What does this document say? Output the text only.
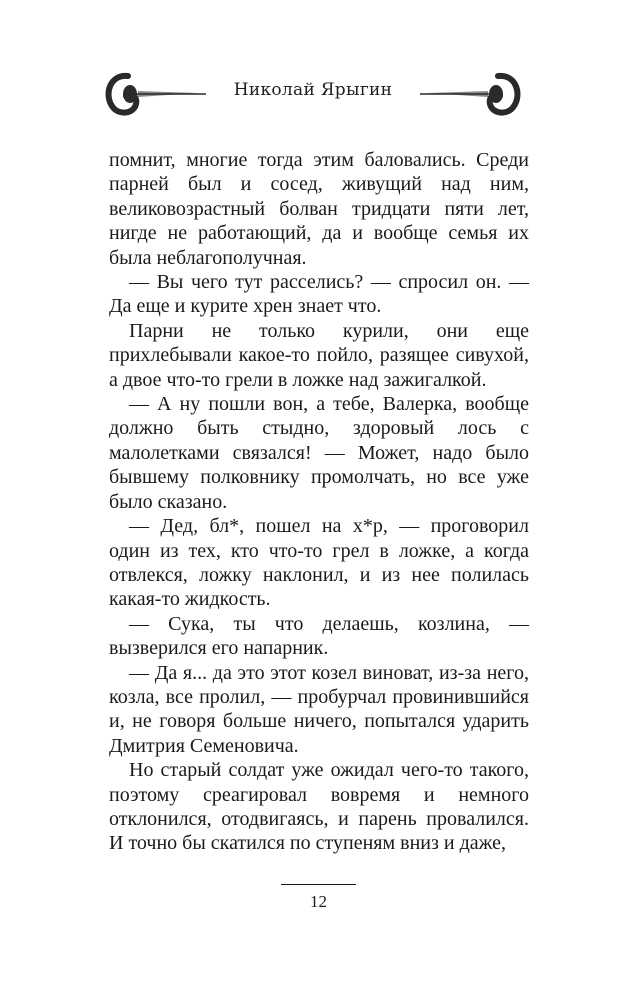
Николай Ярыгин

помнит, многие тогда этим баловались. Среди парней был и сосед, живущий над ним, великовозрастный болван тридцати пяти лет, нигде не работающий, да и вообще семья их была неблагополучная.

— Вы чего тут расселись? — спросил он. — Да еще и курите хрен знает что.

Парни не только курили, они еще прихлебывали какое-то пойло, разящее сивухой, а двое что-то грели в ложке над зажигалкой.

— А ну пошли вон, а тебе, Валерка, вообще должно быть стыдно, здоровый лось с малолетками связался! — Может, надо было бывшему полковнику промолчать, но все уже было сказано.

— Дед, бл*, пошел на х*р, — проговорил один из тех, кто что-то грел в ложке, а когда отвлекся, ложку наклонил, и из нее полилась какая-то жидкость.

— Сука, ты что делаешь, козлина, — вызверился его напарник.

— Да я... да это этот козел виноват, из-за него, козла, все пролил, — пробурчал провинившийся и, не говоря больше ничего, попытался ударить Дмитрия Семеновича.

Но старый солдат уже ожидал чего-то такого, поэтому среагировал вовремя и немного отклонился, отодвигаясь, и парень провалился. И точно бы скатился по ступеням вниз и даже,

12
